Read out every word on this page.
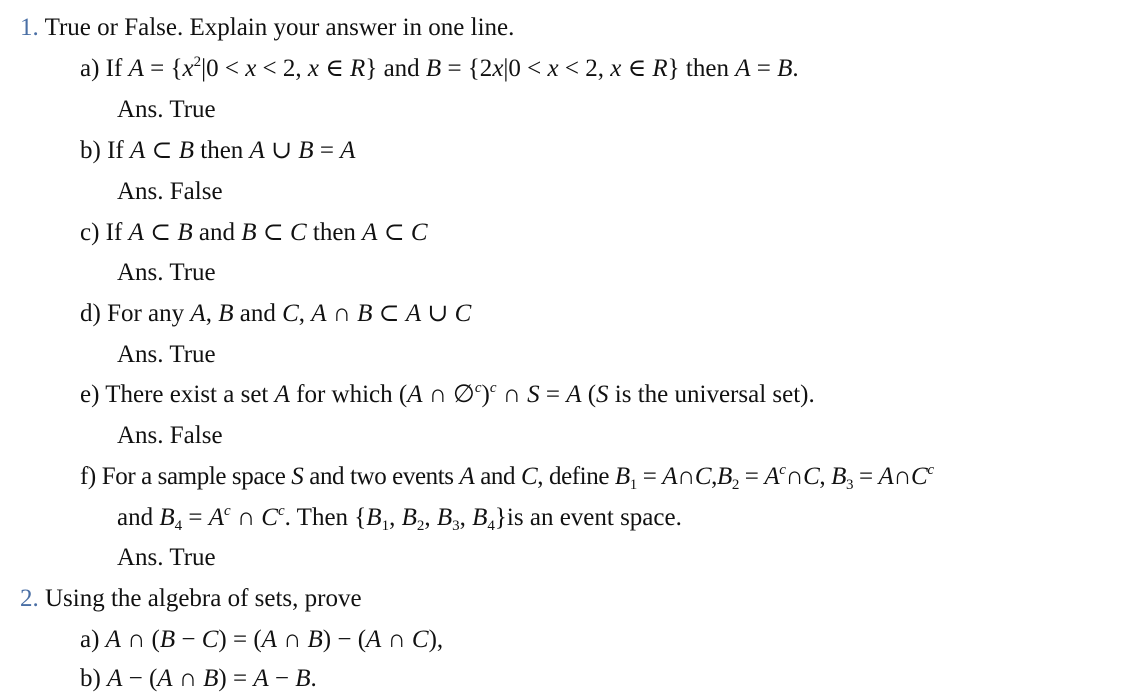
1. True or False. Explain your answer in one line.
a) If $A = \{x^2|0 < x < 2$, x ∈ R} and B = {2x|0 < x < 2, x ∈ R} then A = B.
Ans. True
b) If A ⊂ B then A ∪ B = A
Ans. False
c) If A ⊂ B and B ⊂ C then A ⊂ C
Ans. True
d) For any A, B and C, A ∩ B ⊂ A ∪ C
Ans. True
e) There exist a set A for which (A ∩ ∅$^c$)$^c$ ∩ S = A (S is the universal set).
Ans. False
f) For a sample space S and two events A and C, define $B_1$ = $A\cap C,B_2$ = $A^c\cap C$, $B_3$ = $A\cap C^c$
and $B_4 = A^c$ ∩ $C^c$. Then {$B_1$, $B_2$, $B_3$, $B_4\}is$ an event space.
Ans. True
2. Using the algebra of sets, prove
a) A ∩ (B − C) = (A ∩ B) − (A ∩ C),
b) A − (A ∩ B) = A − B.
